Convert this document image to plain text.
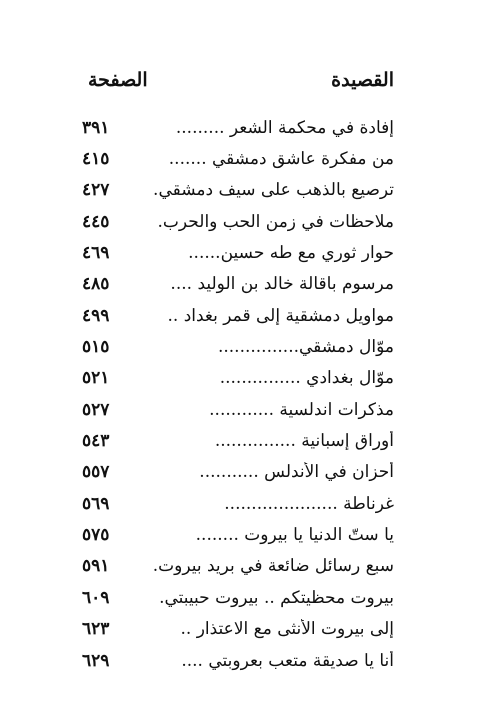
القصيدة
الصفحة
إفادة في محكمة الشعر .........
٣٩١
من مفكرة عاشق دمشقي .......
٤١٥
ترصيع بالذهب على سيف دمشقي.
٤٢٧
ملاحظات في زمن الحب والحرب.
٤٤٥
حوار ثوري مع طه حسين......
٤٦٩
مرسوم باقالة خالد بن الوليد ....
٤٨٥
مواويل دمشقية إلى قمر بغداد ..
٤٩٩
موّال دمشقي...............
٥١٥
موّال بغدادي ...............
٥٢١
مذكرات اندلسية ............
٥٢٧
أوراق إسبانية ...............
٥٤٣
أحزان في الأندلس ...........
٥٥٧
غرناطة .....................
٥٦٩
يا ستّ الدنيا يا بيروت ........
٥٧٥
سبع رسائل ضائعة في بريد بيروت.
٥٩١
بيروت محظيتكم .. بيروت حبيبتي.
٦٠٩
إلى بيروت الأنثى مع الاعتذار ..
٦٢٣
أنا يا صديقة متعب بعروبتي ....
٦٢٩
